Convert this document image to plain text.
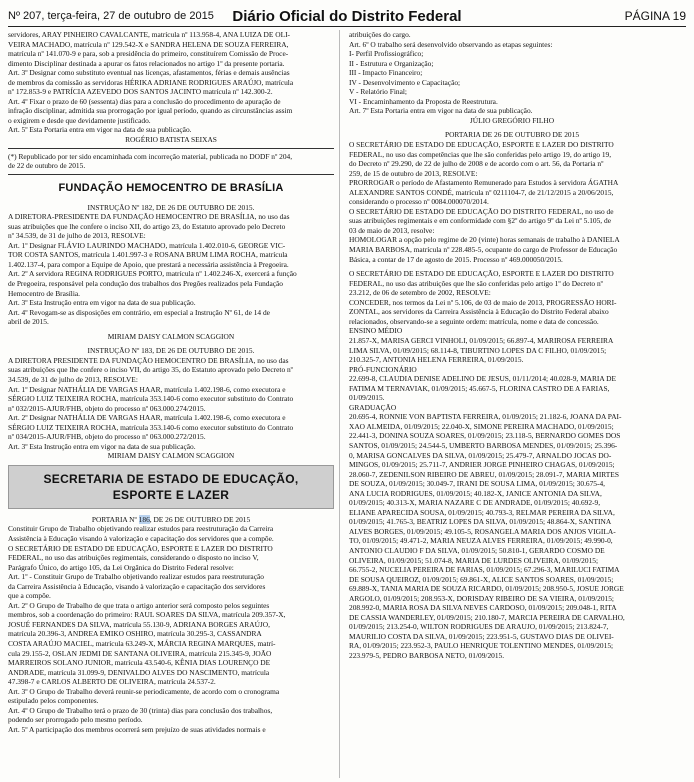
Nº 207, terça-feira, 27 de outubro de 2015	Diário Oficial do Distrito Federal	PÁGINA 19
servidores, ARAY PINHEIRO CAVALCANTE, matrícula nº 113.958-4, ANA LUIZA DE OLI-
VEIRA MACHADO, matrícula nº 129.542-X e SANDRA HELENA DE SOUZA FERREIRA,
matrícula nº 141.070-9 e para, sob a presidência do primeiro, constituírem Comissão de Proce-
dimento Disciplinar destinada a apurar os fatos relacionados no artigo 1º da presente portaria.
Art. 3º Designar como substituto eventual nas licenças, afastamentos, férias e demais ausências
de membros da comissão as servidoras HÉRIKA ADRIANE RODRIGUES ARAÚJO, matrícula
nº 172.853-9 e PATRÍCIA AZEVEDO DOS SANTOS JACINTO matrícula nº 142.300-2.
Art. 4º Fixar o prazo de 60 (sessenta) dias para a conclusão do procedimento de apuração de
infração disciplinar, admitida sua prorrogação por igual período, quando as circunstâncias assim
o exigirem e desde que devidamente justificado.
Art. 5º Esta Portaria entra em vigor na data de sua publicação.
ROGÉRIO BATISTA SEIXAS
(*) Republicado por ter sido encaminhada com incorreção material, publicada no DODF nº 204,
de 22 de outubro de 2015.
FUNDAÇÃO HEMOCENTRO DE BRASÍLIA
INSTRUÇÃO Nº 182, DE 26 DE OUTUBRO DE 2015.
A DIRETORA-PRESIDENTE DA FUNDAÇÃO HEMOCENTRO DE BRASÍLIA, no uso das
suas atribuições que lhe confere o inciso XII, do artigo 23, do Estatuto aprovado pelo Decreto
nº 34.539, de 31 de julho de 2013, RESOLVE:
Art. 1º Designar FLÁVIO LAURINDO MACHADO, matrícula 1.402.010-6, GEORGE VIC-
TOR COSTA SANTOS, matrícula 1.401.997-3 e ROSANA BRUM LIMA ROCHA, matrícula
1.402.137-4, para compor a Equipe de Apoio, que prestará a necessária assistência à Pregoeira.
Art. 2º A servidora REGINA RODRIGUES PORTO, matrícula nº 1.402.246-X, exercerá a função
de Pregoeira, responsável pela condução dos trabalhos dos Pregões realizados pela Fundação
Hemocentro de Brasília.
Art. 3º Esta Instrução entra em vigor na data de sua publicação.
Art. 4º Revogam-se as disposições em contrário, em especial a Instrução Nº 61, de 14 de
abril de 2015.
MIRIAM DAISY CALMON SCAGGION
INSTRUÇÃO Nº 183, DE 26 DE OUTUBRO DE 2015.
A DIRETORA PRESIDENTE DA FUNDAÇÃO HEMOCENTRO DE BRASÍLIA, no uso das
suas atribuições que lhe confere o inciso VII, do artigo 35, do Estatuto aprovado pelo Decreto nº
34.539, de 31 de julho de 2013, RESOLVE:
Art. 1º Designar NATHÁLIA DE VARGAS HAAR, matrícula 1.402.198-6, como executora e
SÉRGIO LUIZ TEIXEIRA ROCHA, matrícula 353.140-6 como executor substituto do Contrato
nº 032/2015-AJUR/FHB, objeto do processo nº 063.000.274/2015.
Art. 2º Designar NATHÁLIA DE VARGAS HAAR, matrícula 1.402.198-6, como executora e
SÉRGIO LUIZ TEIXEIRA ROCHA, matrícula 353.140-6 como executor substituto do Contrato
nº 034/2015-AJUR/FHB, objeto do processo nº 063.000.272/2015.
Art. 3º Esta Instrução entra em vigor na data de sua publicação.
MIRIAM DAISY CALMON SCAGGION
SECRETARIA DE ESTADO DE EDUCAÇÃO,
ESPORTE E LAZER
PORTARIA Nº 186, DE 26 DE OUTUBRO DE 2015
Constituir Grupo de Trabalho objetivando realizar estudos para reestruturação da Carreira
Assistência à Educação visando à valorização e capacitação dos servidores que a compõe.
O SECRETÁRIO DE ESTADO DE EDUCAÇÃO, ESPORTE E LAZER DO DISTRITO
FEDERAL, no uso das atribuições regimentais, considerando o disposto no inciso V,
Parágrafo Único, do artigo 105, da Lei Orgânica do Distrito Federal resolve:
Art. 1º - Constituir Grupo de Trabalho objetivando realizar estudos para reestruturação
da Carreira Assistência à Educação, visando à valorização e capacitação dos servidores
que a compõe.
Art. 2º O Grupo de Trabalho de que trata o artigo anterior será composto pelos seguintes
membros, sob a coordenação do primeiro: RAUL SOARES DA SILVA, matrícula 209.357-X,
JOSUÉ FERNANDES DA SILVA, matrícula 55.130-9, ADRIANA BORGES ARAÚJO,
matrícula 20.396-3, ANDREA EMIKO OSHIRO, matrícula 30.295-3, CASSANDRA
COSTA ARAÚJO MACIEL, matrícula 63.249-X, MÁRCIA REGINA MARQUES, matrí-
cula 29.155-2, OSLAN JEDMI DE SANTANA OLIVEIRA, matrícula 215.345-9, JOÃO
MARREIROS SOLANO JUNIOR, matrícula 43.540-6, KÊNIA DIAS LOURENÇO DE
ANDRADE, matrícula 31.099-9, DENIVALDO ALVES DO NASCIMENTO, matrícula
47.398-7 e CARLOS ALBERTO DE OLIVEIRA, matrícula 24.537-2.
Art. 3º O Grupo de Trabalho deverá reunir-se periodicamente, de acordo com o cronograma
estipulado pelos componentes.
Art. 4º O Grupo de Trabalho terá o prazo de 30 (trinta) dias para conclusão dos trabalhos,
podendo ser prorrogado pelo mesmo período.
Art. 5º A participação dos membros ocorrerá sem prejuízo de suas atividades normais e
atribuições do cargo.
Art. 6º O trabalho será desenvolvido observando as etapas seguintes:
I- Perfil Profissiográfico;
II - Estrutura e Organização;
III - Impacto Financeiro;
IV - Desenvolvimento e Capacitação;
V - Relatório Final;
VI - Encaminhamento da Proposta de Reestrutura.
Art. 7º Esta Portaria entra em vigor na data de sua publicação.
JÚLIO GREGÓRIO FILHO
PORTARIA DE 26 DE OUTUBRO DE 2015
O SECRETÁRIO DE ESTADO DE EDUCAÇÃO, ESPORTE E LAZER DO DISTRITO
FEDERAL, no uso das competências que lhe são conferidas pelo artigo 19, do artigo 19,
do Decreto nº 29.290, de 22 de julho de 2008 e de acordo com o art. 56, da Portaria nº
259, de 15 de outubro de 2013, RESOLVE:
PRORROGAR o período de Afastamento Remunerado para Estudos à servidora ÁGATHA
ALEXANDRE SANTOS CONDÉ, matrícula nº 0211104-7, de 21/12/2015 a 20/06/2015,
considerando o processo nº 0084.000070/2014.
O SECRETÁRIO DE ESTADO DE EDUCAÇÃO DO DISTRITO FEDERAL, no uso de
suas atribuições regimentais e em conformidade com §2º do artigo 9º da Lei nº 5.105, de
03 de maio de 2013, resolve:
HOMOLOGAR a opção pelo regime de 20 (vinte) horas semanais de trabalho à DANIELA
MARIA BARBOSA, matrícula nº 228.485-5, ocupante do cargo de Professor de Educação
Básica, a contar de 17 de agosto de 2015. Processo nº 469.000050/2015.
O SECRETÁRIO DE ESTADO DE EDUCAÇÃO, ESPORTE E LAZER DO DISTRITO
FEDERAL, no uso das atribuições que lhe são conferidas pelo artigo 1º do Decreto nº
23.212, de 06 de setembro de 2002, RESOLVE:
CONCEDER, nos termos da Lei nº 5.106, de 03 de maio de 2013, PROGRESSÃO HORI-
ZONTAL, aos servidores da Carreira Assistência à Educação do Distrito Federal abaixo
relacionados, observando-se a seguinte ordem: matrícula, nome e data de concessão.
ENSINO MÉDIO
21.857-X, MARISA GERCI VINHOLI, 01/09/2015; 66.897-4, MARIROSA FERREIRA
LIMA SILVA, 01/09/2015; 68.114-8, TIBURTINO LOPES DA C FILHO, 01/09/2015;
210.325-7, ANTONIA HELENA FERREIRA, 01/09/2015.
PRÓ-FUNCIONÁRIO
22.699-8, CLAUDIA DENISE ADELINO DE JESUS, 01/11/2014; 40.028-9, MARIA DE
FATIMA M TERNAVIAK, 01/09/2015; 45.667-5, FLORINA CASTRO DE A FARIAS,
01/09/2015.
GRADUAÇÃO
20.695-4, RONNIE VON BAPTISTA FERREIRA, 01/09/2015; 21.182-6, JOANA DA PAI-
XAO ALMEIDA, 01/09/2015; 22.040-X, SIMONE PEREIRA MACHADO, 01/09/2015;
22.441-3, DONINA SOUZA SOARES, 01/09/2015; 23.118-5, BERNARDO GOMES DOS
SANTOS, 01/09/2015; 24.544-5, UMBERTO BARBOSA MENDES, 01/09/2015; 25.396-
0, MARISA GONCALVES DA SILVA, 01/09/2015; 25.479-7, ARNALDO JOCAS DO-
MINGOS, 01/09/2015; 25.711-7, ANDRIER JORGE PINHEIRO CHAGAS, 01/09/2015;
28.060-7, ZEDENILSON RIBEIRO DE ABREU, 01/09/2015; 28.091-7, MARIA MIRTES
DE SOUZA, 01/09/2015; 30.049-7, IRANI DE SOUSA LIMA, 01/09/2015; 30.675-4,
ANA LUCIA RODRIGUES, 01/09/2015; 40.182-X, JANICE ANTONIA DA SILVA,
01/09/2015; 40.313-X, MARIA NAZARE C DE ANDRADE, 01/09/2015; 40.692-9,
ELIANE APARECIDA SOUSA, 01/09/2015; 40.793-3, RELMAR PEREIRA DA SILVA,
01/09/2015; 41.765-3, BEATRIZ LOPES DA SILVA, 01/09/2015; 48.864-X, SANTINA
ALVES BORGES, 01/09/2015; 49.105-5, ROSANGELA MARIA DOS ANJOS VIGILA-
TO, 01/09/2015; 49.471-2, MARIA NEUZA ALVES FERREIRA, 01/09/2015; 49.990-0,
ANTONIO CLAUDIO F DA SILVA, 01/09/2015; 50.810-1, GERARDO COSMO DE
OLIVEIRA, 01/09/2015; 51.074-8, MARIA DE LURDES OLIVEIRA, 01/09/2015;
66.755-2, NUCELIA PEREIRA DE FARIAS, 01/09/2015; 67.296-3, MARILUCI FATIMA
DE SOUSA QUEIROZ, 01/09/2015; 69.861-X, ALICE SANTOS SOARES, 01/09/2015;
69.889-X, TANIA MARIA DE SOUZA RICARDO, 01/09/2015; 208.950-5, JOSUE JORGE
ARGOLO, 01/09/2015; 208.953-X, DORISDAY RIBEIRO DE SA VIEIRA, 01/09/2015;
208.992-0, MARIA ROSA DA SILVA NEVES CARDOSO, 01/09/2015; 209.048-1, RITA
DE CASSIA WANDERLEY, 01/09/2015; 210.180-7, MARCIA PEREIRA DE CARVALHO,
01/09/2015; 213.254-0, WILTON RODRIGUES DE ARAUJO, 01/09/2015; 213.824-7,
MAURILIO COSTA DA SILVA, 01/09/2015; 223.951-5, GUSTAVO DIAS DE OLIVEI-
RA, 01/09/2015; 223.952-3, PAULO HENRIQUE TOLENTINO MENDES, 01/09/2015;
223.979-5, PEDRO BARBOSA NETO, 01/09/2015.
